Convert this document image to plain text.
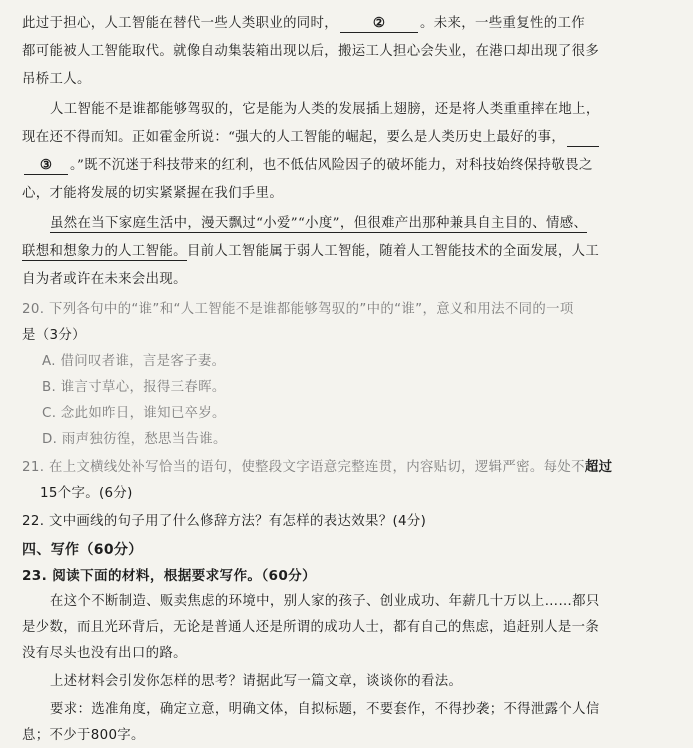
此过于担心，人工智能在替代一些人类职业的同时，	②	。未来，一些重复性的工作
都可能被人工智能取代。就像自动集装箱出现以后，搬运工人担心会失业，在港口却出现了很多
吊桥工人。
人工智能不是谁都能够驾驭的，它是能为人类的发展插上翅膀，还是将人类重重摔在地上，
现在还不得而知。正如霍金所说：“强大的人工智能的崛起，要么是人类历史上最好的事，
③ 。”既不沉迷于科技带来的红利，也不低估风险因子的破坏能力，对科技始终保持敬畏之
心，才能将发展的切实紧紧握在我们手里。
虽然在当下家庭生活中，漫天飘过“小爱”“小度”，但很难产出那种兼具自主目的、情感、
联想和想象力的人工智能。目前人工智能属于弱人工智能，随着人工智能技术的全面发展，人工
自为者或许在未来会出现。
20. 下列各句中的“谁”和“人工智能不是谁都能够驾驭的”中的“谁”，意义和用法不同的一项
是（3分）
A. 借问叹者谁，言是客子妻。
B. 谁言寸草心，报得三春晖。
C. 念此如昨日，谁知已卒岁。
D. 雨声独彷徨，愁思当告谁。
21. 在上文横线处补写恰当的语句，使整段文字语意完整连贯，内容贴切，逻辑严密。每处不超过
15个字。(6分)
22. 文中画线的句子用了什么修辞方法？有怎样的表达效果？(4分)
四、写作（60分）
23. 阅读下面的材料，根据要求写作。（60分）
在这个不断制造、贩卖焦虑的环境中，别人家的孩子、创业成功、年薪几十万以上……都只
是少数，而且光环背后，无论是普通人还是所谓的成功人士，都有自己的焦虑，追赶别人是一条
没有尽头也没有出口的路。
上述材料会引发你怎样的思考？请据此写一篇文章，谈谈你的看法。
要求：选准角度，确定立意，明确文体，自拟标题，不要套作，不得抄袭；不得泄露个人信
息；不少于800字。
